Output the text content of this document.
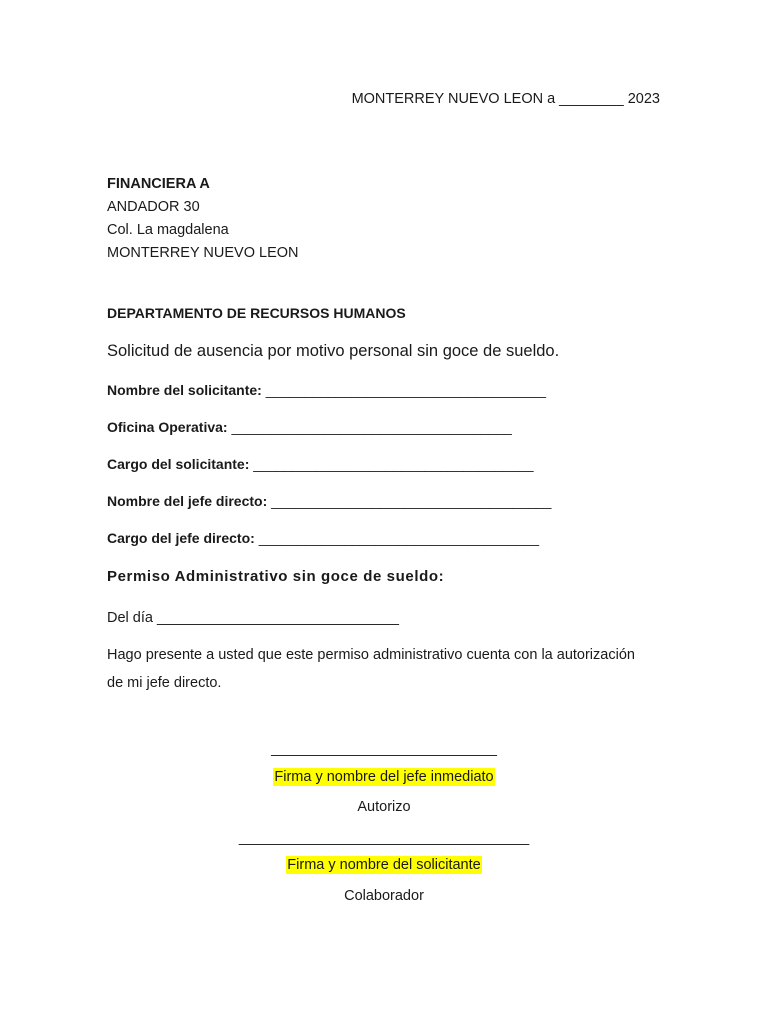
MONTERREY NUEVO LEON a ________ 2023
FINANCIERA A
ANDADOR 30
Col. La magdalena
MONTERREY NUEVO LEON
DEPARTAMENTO DE RECURSOS HUMANOS
Solicitud de ausencia por motivo personal sin goce de sueldo.
Nombre del solicitante: ____________________________________
Oficina Operativa: ____________________________________
Cargo del solicitante: ____________________________________
Nombre del jefe directo: ____________________________________
Cargo del jefe directo: ____________________________________
Permiso Administrativo sin goce de sueldo:
Del día ______________________________
Hago presente a usted que este permiso administrativo cuenta con la autorización
de mi jefe directo.
____________________________
Firma y nombre del jefe inmediato
Autorizo
____________________________________
Firma y nombre del solicitante
Colaborador
